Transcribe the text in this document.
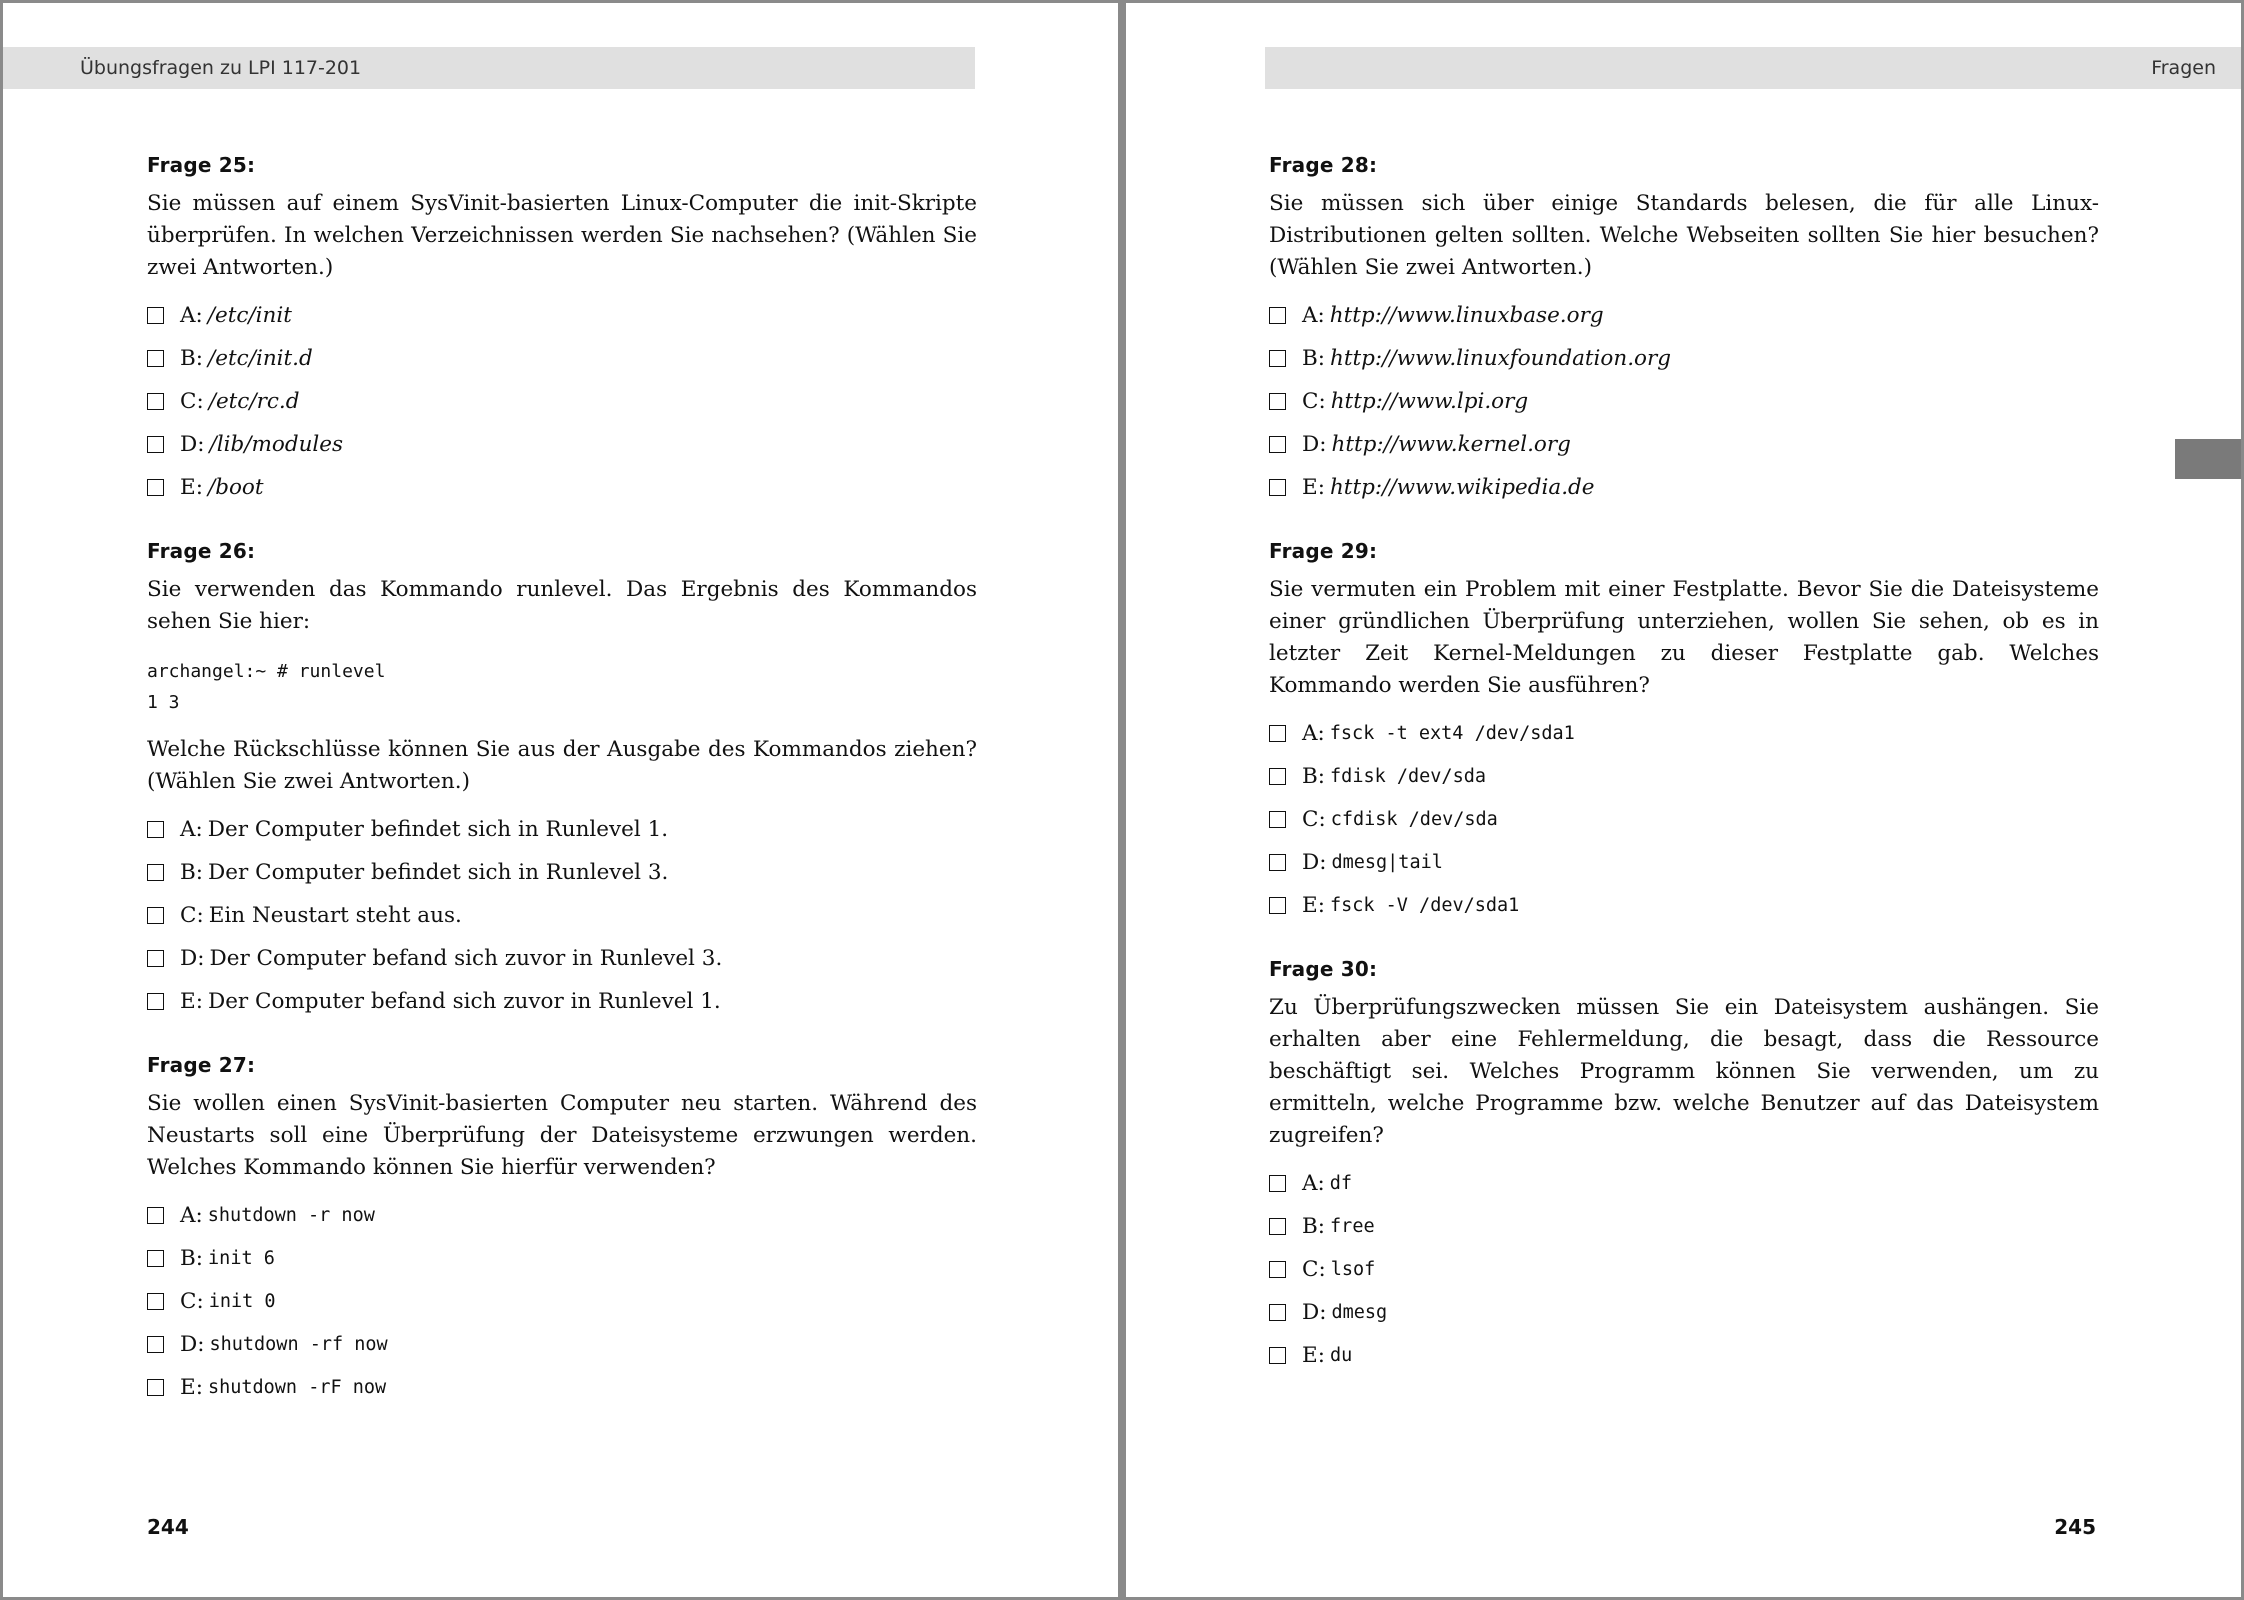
Übungsfragen zu LPI 117-201
Frage 25:

Sie müssen auf einem SysVinit-basierten Linux-Computer die init-Skripte überprüfen. In welchen Verzeichnissen werden Sie nachsehen? (Wählen Sie zwei Antworten.)

A: /etc/init
B: /etc/init.d
C: /etc/rc.d
D: /lib/modules
E: /boot
Frage 26:

Sie verwenden das Kommando runlevel. Das Ergebnis des Kommandos sehen Sie hier:

archangel:~ # runlevel
1 3

Welche Rückschlüsse können Sie aus der Ausgabe des Kommandos ziehen? (Wählen Sie zwei Antworten.)

A: Der Computer befindet sich in Runlevel 1.
B: Der Computer befindet sich in Runlevel 3.
C: Ein Neustart steht aus.
D: Der Computer befand sich zuvor in Runlevel 3.
E: Der Computer befand sich zuvor in Runlevel 1.
Frage 27:

Sie wollen einen SysVinit-basierten Computer neu starten. Während des Neustarts soll eine Überprüfung der Dateisysteme erzwungen werden. Welches Kommando können Sie hierfür verwenden?

A: shutdown -r now
B: init 6
C: init 0
D: shutdown -rf now
E: shutdown -rF now
244
Fragen
Frage 28:

Sie müssen sich über einige Standards belesen, die für alle Linux-Distributionen gelten sollten. Welche Webseiten sollten Sie hier besuchen? (Wählen Sie zwei Antworten.)

A: http://www.linuxbase.org
B: http://www.linuxfoundation.org
C: http://www.lpi.org
D: http://www.kernel.org
E: http://www.wikipedia.de
Frage 29:

Sie vermuten ein Problem mit einer Festplatte. Bevor Sie die Dateisysteme einer gründlichen Überprüfung unterziehen, wollen Sie sehen, ob es in letzter Zeit Kernel-Meldungen zu dieser Festplatte gab. Welches Kommando werden Sie ausführen?

A: fsck -t ext4 /dev/sda1
B: fdisk /dev/sda
C: cfdisk /dev/sda
D: dmesg|tail
E: fsck -V /dev/sda1
Frage 30:

Zu Überprüfungszwecken müssen Sie ein Dateisystem aushängen. Sie erhalten aber eine Fehlermeldung, die besagt, dass die Ressource beschäftigt sei. Welches Programm können Sie verwenden, um zu ermitteln, welche Programme bzw. welche Benutzer auf das Dateisystem zugreifen?

A: df
B: free
C: lsof
D: dmesg
E: du
245
